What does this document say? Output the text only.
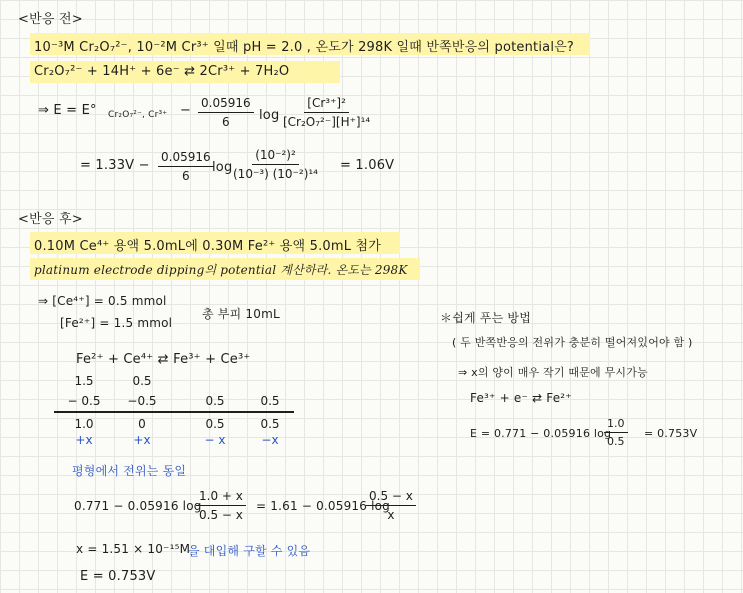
<반응 전>
10⁻³M Cr₂O₇²⁻, 10⁻²M Cr³⁺ 일때 pH = 2.0 , 온도가 298K 일때 반쪽반응의 potential은?
Cr₂O₇²⁻ + 14H⁺ + 6e⁻ ⇄ 2Cr³⁺ + 7H₂O
⇒ E = E° Cr₂O₇²⁻, $Cr^{3+} - \frac{0.05916}{6}$ $\log \frac{\text{[Cr³⁺]²}}{\text{[Cr₂O₇²⁻][H⁺]¹⁴}}$
= $1.33V - \frac{0.05916}{6}$
$\log \frac{\text{(10⁻²)²}}{\text{(10⁻³) (10⁻²)¹⁴}} = 1.06V$
<반응 후>
0.10M Ce⁴⁺ 용액 5.0mL에 0.30M Fe²⁺ 용액 5.0mL 첨가
platinum electrode dipping의 potential 계산하라. 온도는 298K
⇒ [Ce⁴⁺] = 0.5 mmol
[Fe²⁺] = 1.5 mmol
총 부피 10mL
Fe²⁺ + Ce⁴⁺ ⇄ Fe³⁺ + Ce³⁺
1.5	0.5
− 0.5	−0.5	0.5	0.5
1.0	0	0.5	0.5
+x	+x	− x	−x
평형에서 전위는 동일
0.771 − 0.05916 log
$\frac{1.0 + x}{0.5 - x} = 1.61 - 0.05916$ log
$\frac{0.5 - x}{x}$
x = 1.51 × 10⁻¹⁵M
을 대입해 구할 수 있음
E = 0.753V
＊쉽게 푸는 방법
( 두 반쪽반응의 전위가 충분히 떨어져있어야 함 )
⇒ x의 양이 매우 작기 때문에 무시가능
Fe³⁺ + e⁻ ⇄ Fe²⁺
E = 0.771 − 0.05916 log
$\frac{1.0}{0.5} = 0.753V$
